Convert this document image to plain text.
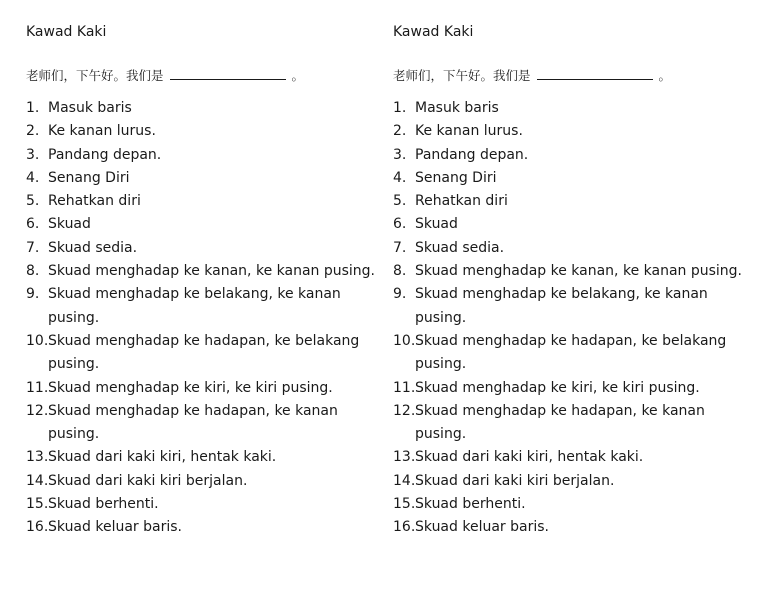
Kawad Kaki
老师们，下午好。我们是	。
1. Masuk baris
2. Ke kanan lurus.
3. Pandang depan.
4. Senang Diri
5. Rehatkan diri
6. Skuad
7. Skuad sedia.
8. Skuad menghadap ke kanan, ke kanan pusing.
9. Skuad menghadap ke belakang, ke kanan pusing.
10. Skuad menghadap ke hadapan, ke belakang pusing.
11. Skuad menghadap ke kiri, ke kiri pusing.
12. Skuad menghadap ke hadapan, ke kanan pusing.
13. Skuad dari kaki kiri, hentak kaki.
14. Skuad dari kaki kiri berjalan.
15. Skuad berhenti.
16. Skuad keluar baris.
Kawad Kaki
老师们，下午好。我们是	。
1. Masuk baris
2. Ke kanan lurus.
3. Pandang depan.
4. Senang Diri
5. Rehatkan diri
6. Skuad
7. Skuad sedia.
8. Skuad menghadap ke kanan, ke kanan pusing.
9. Skuad menghadap ke belakang, ke kanan pusing.
10. Skuad menghadap ke hadapan, ke belakang pusing.
11. Skuad menghadap ke kiri, ke kiri pusing.
12. Skuad menghadap ke hadapan, ke kanan pusing.
13. Skuad dari kaki kiri, hentak kaki.
14. Skuad dari kaki kiri berjalan.
15. Skuad berhenti.
16. Skuad keluar baris.
